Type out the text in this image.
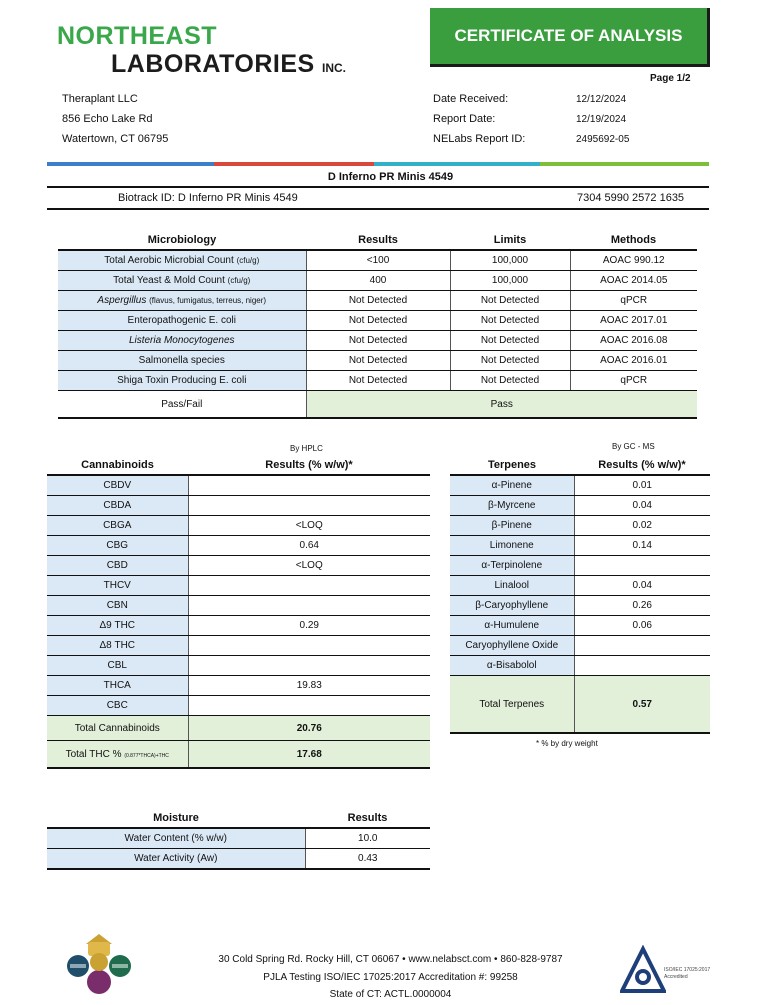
NORTHEAST
LABORATORIES INC.
CERTIFICATE OF ANALYSIS
Page 1/2
Theraplant LLC
856 Echo Lake Rd
Watertown, CT 06795
Date Received:	12/12/2024
Report Date:	12/19/2024
NELabs Report ID:	2495692-05
D Inferno PR Minis 4549
Biotrack ID: D Inferno PR Minis 4549	7304 5990 2572 1635
Microbiology	Results	Limits	Methods
Total Aerobic Microbial Count (cfu/g)	<100	100,000	AOAC 990.12
Total Yeast & Mold Count (cfu/g)	400	100,000	AOAC 2014.05
Aspergillus (flavus, fumigatus, terreus, niger)	Not Detected	Not Detected	qPCR
Enteropathogenic E. coli	Not Detected	Not Detected	AOAC 2017.01
Listeria Monocytogenes	Not Detected	Not Detected	AOAC 2016.08
Salmonella species	Not Detected	Not Detected	AOAC 2016.01
Shiga Toxin Producing E. coli	Not Detected	Not Detected	qPCR
Pass/Fail	Pass		
By HPLC
Cannabinoids	Results (% w/w)*
CBDV	
CBDA	
CBGA	<LOQ
CBG	0.64
CBD	<LOQ
THCV	
CBN	
Δ9 THC	0.29
Δ8 THC	
CBL	
THCA	19.83
CBC	
Total Cannabinoids	20.76
Total THC % (0.877*THCA)+THC	17.68
By GC - MS
Terpenes	Results (% w/w)*
α-Pinene	0.01
β-Myrcene	0.04
β-Pinene	0.02
Limonene	0.14
α-Terpinolene	
Linalool	0.04
β-Caryophyllene	0.26
α-Humulene	0.06
Caryophyllene Oxide	
α-Bisabolol	
Total Terpenes	0.57
* % by dry weight
Moisture	Results
Water Content (% w/w)	10.0
Water Activity (Aw)	0.43
30 Cold Spring Rd. Rocky Hill, CT 06067 • www.nelabsct.com • 860-828-9787
PJLA Testing ISO/IEC 17025:2017 Accreditation #: 99258
State of CT: ACTL.0000004
ISO/IEC 17025:2017 Accredited
